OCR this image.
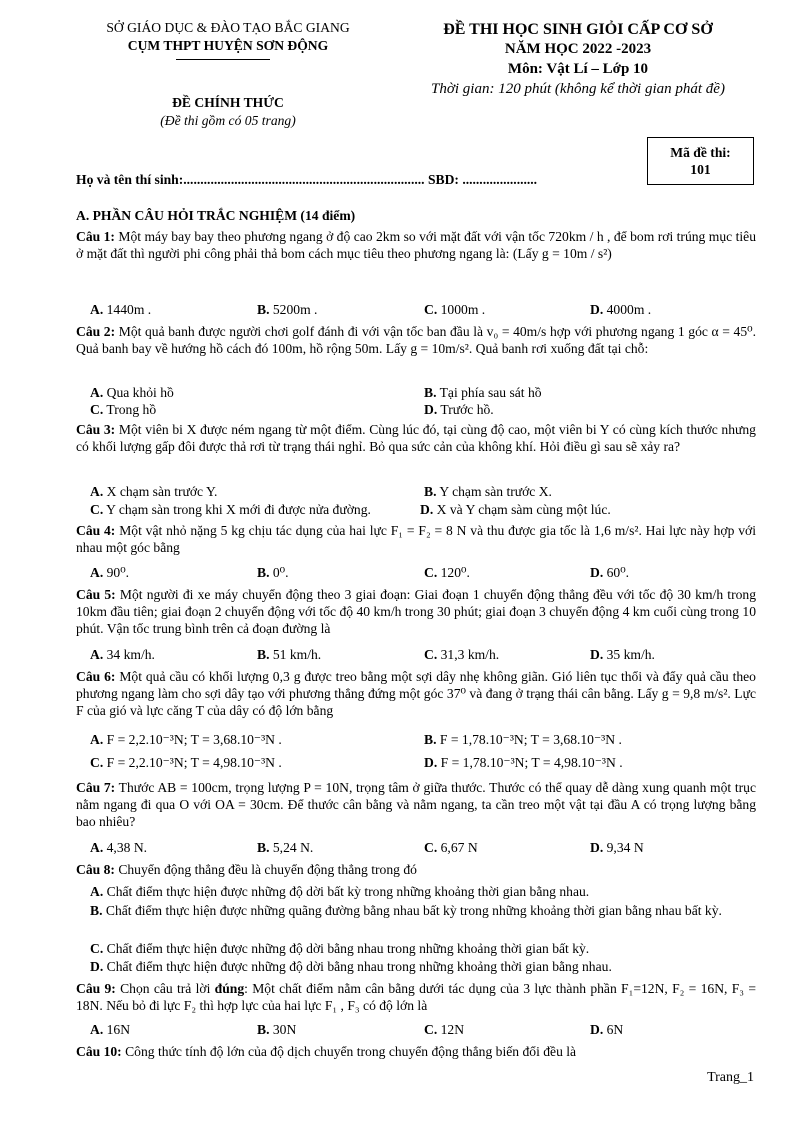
SỞ GIÁO DỤC & ĐÀO TẠO BẮC GIANG
CỤM THPT HUYỆN SƠN ĐỘNG
ĐỀ THI HỌC SINH GIỎI CẤP CƠ SỞ
NĂM HỌC 2022 -2023
Môn: Vật Lí – Lớp 10
Thời gian: 120 phút (không kể thời gian phát đề)
ĐỀ CHÍNH THỨC
(Đề thi gồm có 05 trang)
Họ và tên thí sinh:....................................................................... SBD: ......................
Mã đề thi:
101
A. PHẦN CÂU HỎI TRẮC NGHIỆM (14 điểm)
Câu 1: Một máy bay bay theo phương ngang ở độ cao 2km so với mặt đất với vận tốc 720km / h , để bom rơi trúng mục tiêu ở mặt đất thì người phi công phải thả bom cách mục tiêu theo phương ngang là: (Lấy g = 10m / s²)
A. 1440m .	B. 5200m .	C. 1000m .	D. 4000m .
Câu 2: Một quả banh được người chơi golf đánh đi với vận tốc ban đầu là v₀ = 40m/s hợp với phương ngang 1 góc α = 45⁰. Quả banh bay về hướng hồ cách đó 100m, hồ rộng 50m. Lấy g = 10m/s². Quả banh rơi xuống đất tại chỗ:
A. Qua khỏi hồ	B. Tại phía sau sát hồ
C. Trong hồ	D. Trước hồ.
Câu 3: Một viên bi X được ném ngang từ một điểm. Cùng lúc đó, tại cùng độ cao, một viên bi Y có cùng kích thước nhưng có khối lượng gấp đôi được thả rơi từ trạng thái nghỉ. Bỏ qua sức cản của không khí. Hỏi điều gì sau sẽ xảy ra?
A. X chạm sàn trước Y.	B. Y chạm sàn trước X.
C. Y chạm sàn trong khi X mới đi được nửa đường.	D. X và Y chạm sàm cùng một lúc.
Câu 4: Một vật nhỏ nặng 5 kg chịu tác dụng của hai lực F₁ = F₂ = 8 N và thu được gia tốc là 1,6 m/s². Hai lực này hợp với nhau một góc bằng
A. 90⁰.	B. 0⁰.	C. 120⁰.	D. 60⁰.
Câu 5: Một người đi xe máy chuyển động theo 3 giai đoạn: Giai đoạn 1 chuyển động thẳng đều với tốc độ 30 km/h trong 10km đầu tiên; giai đoạn 2 chuyển động với tốc độ 40 km/h trong 30 phút; giai đoạn 3 chuyển động 4 km cuối cùng trong 10 phút. Vận tốc trung bình trên cả đoạn đường là
A. 34 km/h.	B. 51 km/h.	C. 31,3 km/h.	D. 35 km/h.
Câu 6: Một quả cầu có khối lượng 0,3 g được treo bằng một sợi dây nhẹ không giãn. Gió liên tục thổi và đẩy quả cầu theo phương ngang làm cho sợi dây tạo với phương thẳng đứng một góc 37⁰ và đang ở trạng thái cân bằng. Lấy g = 9,8 m/s². Lực F của gió và lực căng T của dây có độ lớn bằng
A. F = 2,2.10⁻³N; T = 3,68.10⁻³N .	B. F = 1,78.10⁻³N; T = 3,68.10⁻³N .
C. F = 2,2.10⁻³N; T = 4,98.10⁻³N .	D. F = 1,78.10⁻³N; T = 4,98.10⁻³N .
Câu 7: Thước AB = 100cm, trọng lượng P = 10N, trọng tâm ở giữa thước. Thước có thể quay dễ dàng xung quanh một trục nằm ngang đi qua O với OA = 30cm. Để thước cân bằng và nằm ngang, ta cần treo một vật tại đầu A có trọng lượng bằng bao nhiêu?
A. 4,38 N.	B. 5,24 N.	C. 6,67 N	D. 9,34 N
Câu 8: Chuyển động thẳng đều là chuyển động thẳng trong đó
A. Chất điểm thực hiện được những độ dời bất kỳ trong những khoảng thời gian bằng nhau.
B. Chất điểm thực hiện được những quãng đường bằng nhau bất kỳ trong những khoảng thời gian bằng nhau bất kỳ.
C. Chất điểm thực hiện được những độ dời bằng nhau trong những khoảng thời gian bất kỳ.
D. Chất điểm thực hiện được những độ dời bằng nhau trong những khoảng thời gian bằng nhau.
Câu 9: Chọn câu trả lời đúng: Một chất điểm nằm cân bằng dưới tác dụng của 3 lực thành phần F₁=12N, F₂ = 16N, F₃ = 18N. Nếu bỏ đi lực F₂ thì hợp lực của hai lực F₁ , F₃ có độ lớn là
A. 16N	B. 30N	C. 12N	D. 6N
Câu 10: Công thức tính độ lớn của độ dịch chuyển trong chuyển động thẳng biến đổi đều là
Trang_1
